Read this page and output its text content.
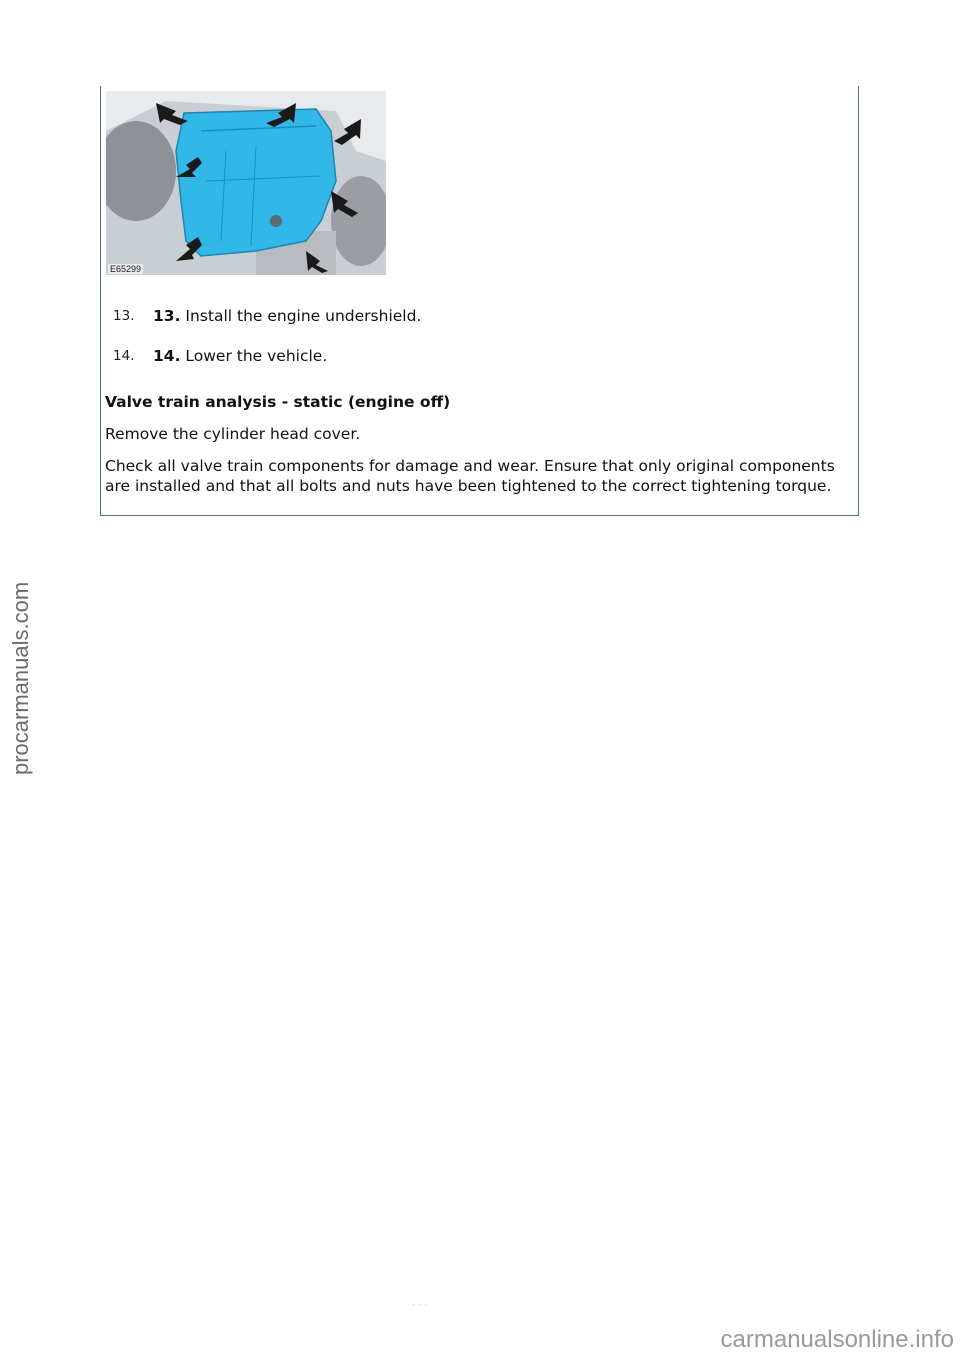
E65299
13. 13. Install the engine undershield.
14. 14. Lower the vehicle.
Valve train analysis - static (engine off)
Remove the cylinder head cover.
Check all valve train components for damage and wear. Ensure that only original components are installed and that all bolts and nuts have been tightened to the correct tightening torque.
procarmanuals.com
carmanualsonline.info
· · ·
